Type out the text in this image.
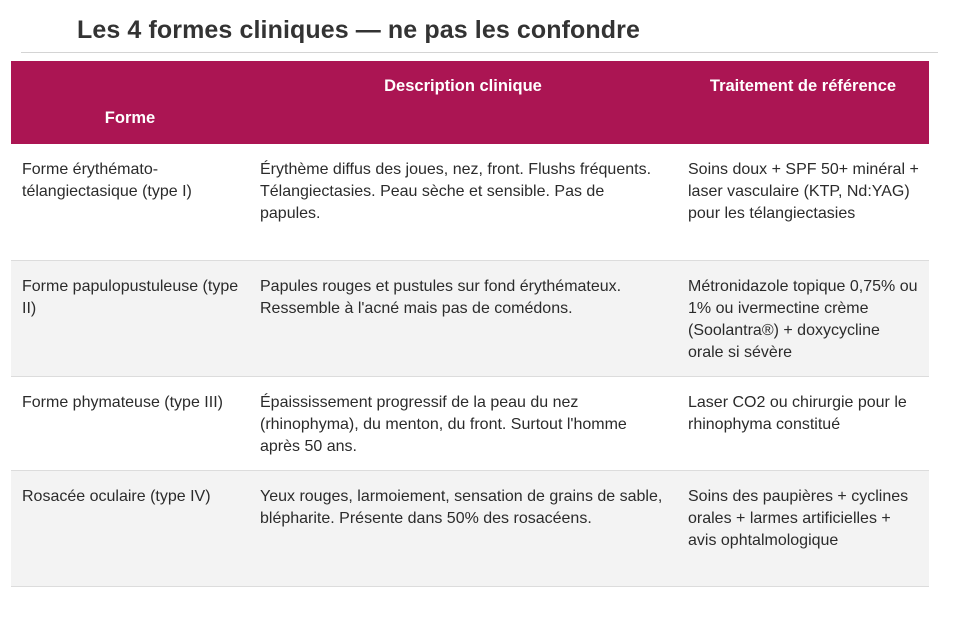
Les 4 formes cliniques — ne pas les confondre
Forme	Description clinique	Traitement de référence

Forme érythémato-télangiectasique (type I)	Érythème diffus des joues, nez, front. Flushs fréquents. Télangiectasies. Peau sèche et sensible. Pas de papules.	Soins doux + SPF 50+ minéral + laser vasculaire (KTP, Nd:YAG) pour les télangiectasies
Forme papulopustuleuse (type II)	Papules rouges et pustules sur fond érythémateux. Ressemble à l'acné mais pas de comédons.	Métronidazole topique 0,75% ou 1% ou ivermectine crème (Soolantra®) + doxycycline orale si sévère
Forme phymateuse (type III)	Épaississement progressif de la peau du nez (rhinophyma), du menton, du front. Surtout l'homme après 50 ans.	Laser CO2 ou chirurgie pour le rhinophyma constitué
Rosacée oculaire (type IV)	Yeux rouges, larmoiement, sensation de grains de sable, blépharite. Présente dans 50% des rosacéens.	Soins des paupières + cyclines orales + larmes artificielles + avis ophtalmologique
